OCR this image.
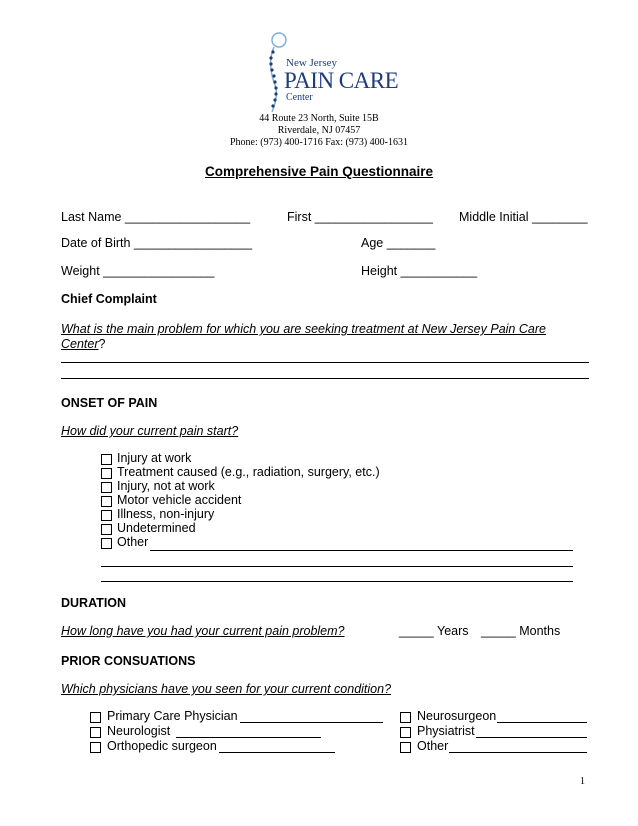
New Jersey
PAIN CARE
Center
44 Route 23 North, Suite 15B
Riverdale, NJ 07457
Phone: (973) 400-1716 Fax: (973) 400-1631
Comprehensive Pain Questionnaire
Last Name __________________	First _________________ Middle Initial ________
Date of Birth _________________	Age _______
Weight ________________	Height ___________
Chief Complaint
What is the main problem for which you are seeking treatment at New Jersey Pain Care
Center?
ONSET OF PAIN
How did your current pain start?
Injury at work
Treatment caused (e.g., radiation, surgery, etc.)
Injury, not at work
Motor vehicle accident
Illness, non-injury
Undetermined
Other
DURATION
How long have you had your current pain problem?	_____ Years _____ Months
PRIOR CONSUATIONS
Which physicians have you seen for your current condition?
Primary Care Physician
Neurologist
Orthopedic surgeon
Neurosurgeon
Physiatrist
Other
1
